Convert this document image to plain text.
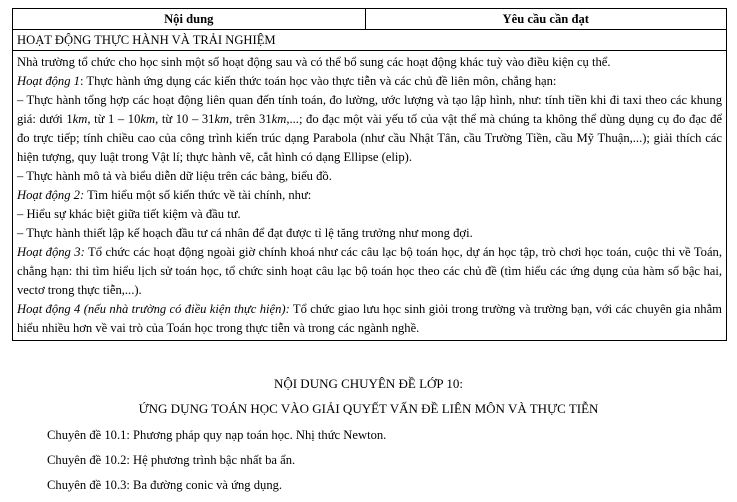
Nội dung	Yêu cầu cần đạt
HOẠT ĐỘNG THỰC HÀNH VÀ TRẢI NGHIỆM

Nhà trường tổ chức cho học sinh một số hoạt động sau và có thể bổ sung các hoạt động khác tuỳ vào điều kiện cụ thể.

Hoạt động 1: Thực hành ứng dụng các kiến thức toán học vào thực tiễn và các chủ đề liên môn, chẳng hạn:

– Thực hành tổng hợp các hoạt động liên quan đến tính toán, đo lường, ước lượng và tạo lập hình, như: tính tiền khi đi taxi theo các khung giá: dưới 1km, từ 1 – 10km, từ 10 – 31km, trên 31km,...; đo đạc một vài yếu tố của vật thể mà chúng ta không thể dùng dụng cụ đo đạc để đo trực tiếp; tính chiều cao của công trình kiến trúc dạng Parabola (như cầu Nhật Tân, cầu Trường Tiền, cầu Mỹ Thuận,...); giải thích các hiện tượng, quy luật trong Vật lí; thực hành vẽ, cắt hình có dạng Ellipse (elip).

– Thực hành mô tả và biểu diễn dữ liệu trên các bảng, biểu đồ.

Hoạt động 2: Tìm hiểu một số kiến thức về tài chính, như:

– Hiểu sự khác biệt giữa tiết kiệm và đầu tư.

– Thực hành thiết lập kế hoạch đầu tư cá nhân để đạt được tỉ lệ tăng trưởng như mong đợi.

Hoạt động 3: Tổ chức các hoạt động ngoài giờ chính khoá như các câu lạc bộ toán học, dự án học tập, trò chơi học toán, cuộc thi về Toán, chẳng hạn: thi tìm hiểu lịch sử toán học, tổ chức sinh hoạt câu lạc bộ toán học theo các chủ đề (tìm hiểu các ứng dụng của hàm số bậc hai, vectơ trong thực tiễn,...).

Hoạt động 4 (nếu nhà trường có điều kiện thực hiện): Tổ chức giao lưu học sinh giỏi trong trường và trường bạn, với các chuyên gia nhằm hiểu nhiều hơn về vai trò của Toán học trong thực tiễn và trong các ngành nghề.

NỘI DUNG CHUYÊN ĐỀ LỚP 10:
ỨNG DỤNG TOÁN HỌC VÀO GIẢI QUYẾT VẤN ĐỀ LIÊN MÔN VÀ THỰC TIỄN
Chuyên đề 10.1: Phương pháp quy nạp toán học. Nhị thức Newton.
Chuyên đề 10.2: Hệ phương trình bậc nhất ba ẩn.
Chuyên đề 10.3: Ba đường conic và ứng dụng.
